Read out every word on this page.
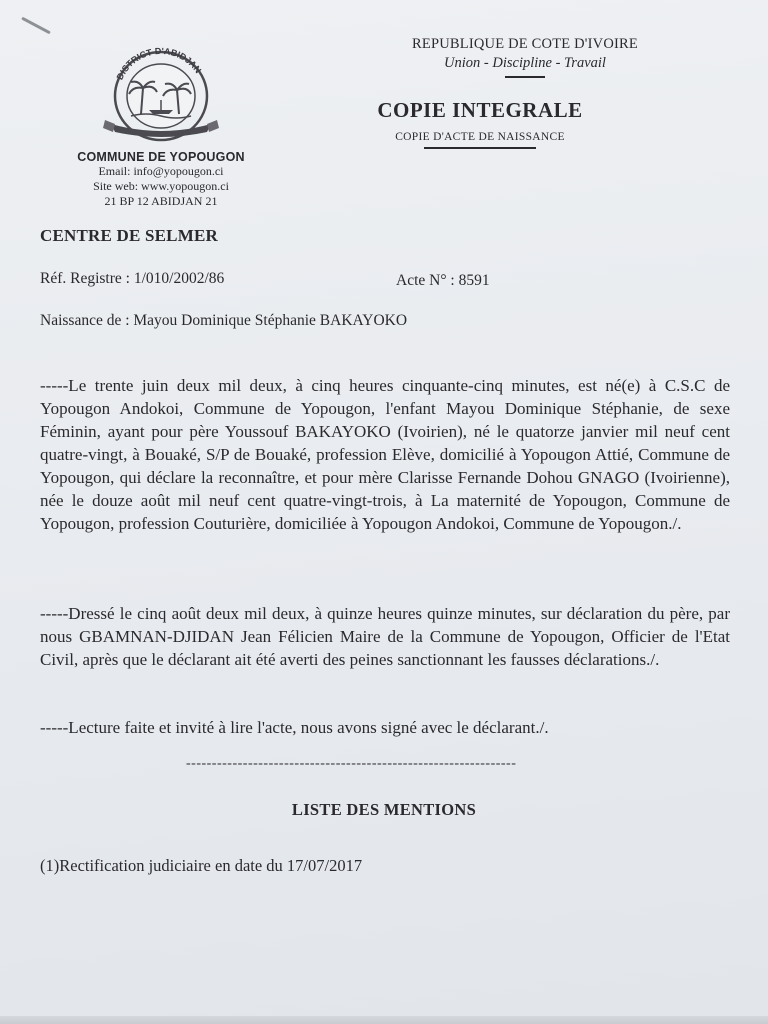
DISTRICT D'ABIDJAN
COMMUNE DE YOPOUGON
Email: info@yopougon.ci
Site web: www.yopougon.ci
21 BP 12 ABIDJAN 21
REPUBLIQUE DE COTE D'IVOIRE
Union - Discipline - Travail
COPIE INTEGRALE
COPIE D'ACTE DE NAISSANCE
CENTRE DE SELMER
Réf. Registre : 1/010/2002/86	Acte N° : 8591
Naissance de : Mayou Dominique Stéphanie BAKAYOKO
-----Le trente juin deux mil deux, à cinq heures cinquante-cinq minutes, est né(e) à C.S.C de Yopougon Andokoi, Commune de Yopougon, l'enfant Mayou Dominique Stéphanie, de sexe Féminin, ayant pour père Youssouf BAKAYOKO (Ivoirien), né le quatorze janvier mil neuf cent quatre-vingt, à Bouaké, S/P de Bouaké, profession Elève, domicilié à Yopougon Attié, Commune de Yopougon, qui déclare la reconnaître, et pour mère Clarisse Fernande Dohou GNAGO (Ivoirienne), née le douze août mil neuf cent quatre-vingt-trois, à La maternité de Yopougon, Commune de Yopougon, profession Couturière, domiciliée à Yopougon Andokoi, Commune de Yopougon./.
-----Dressé le cinq août deux mil deux, à quinze heures quinze minutes, sur déclaration du père, par nous GBAMNAN-DJIDAN Jean Félicien Maire de la Commune de Yopougon, Officier de l'Etat Civil, après que le déclarant ait été averti des peines sanctionnant les fausses déclarations./.
-----Lecture faite et invité à lire l'acte, nous avons signé avec le déclarant./.
----------------------------------------------------------------
LISTE DES MENTIONS
(1)Rectification judiciaire en date du 17/07/2017
